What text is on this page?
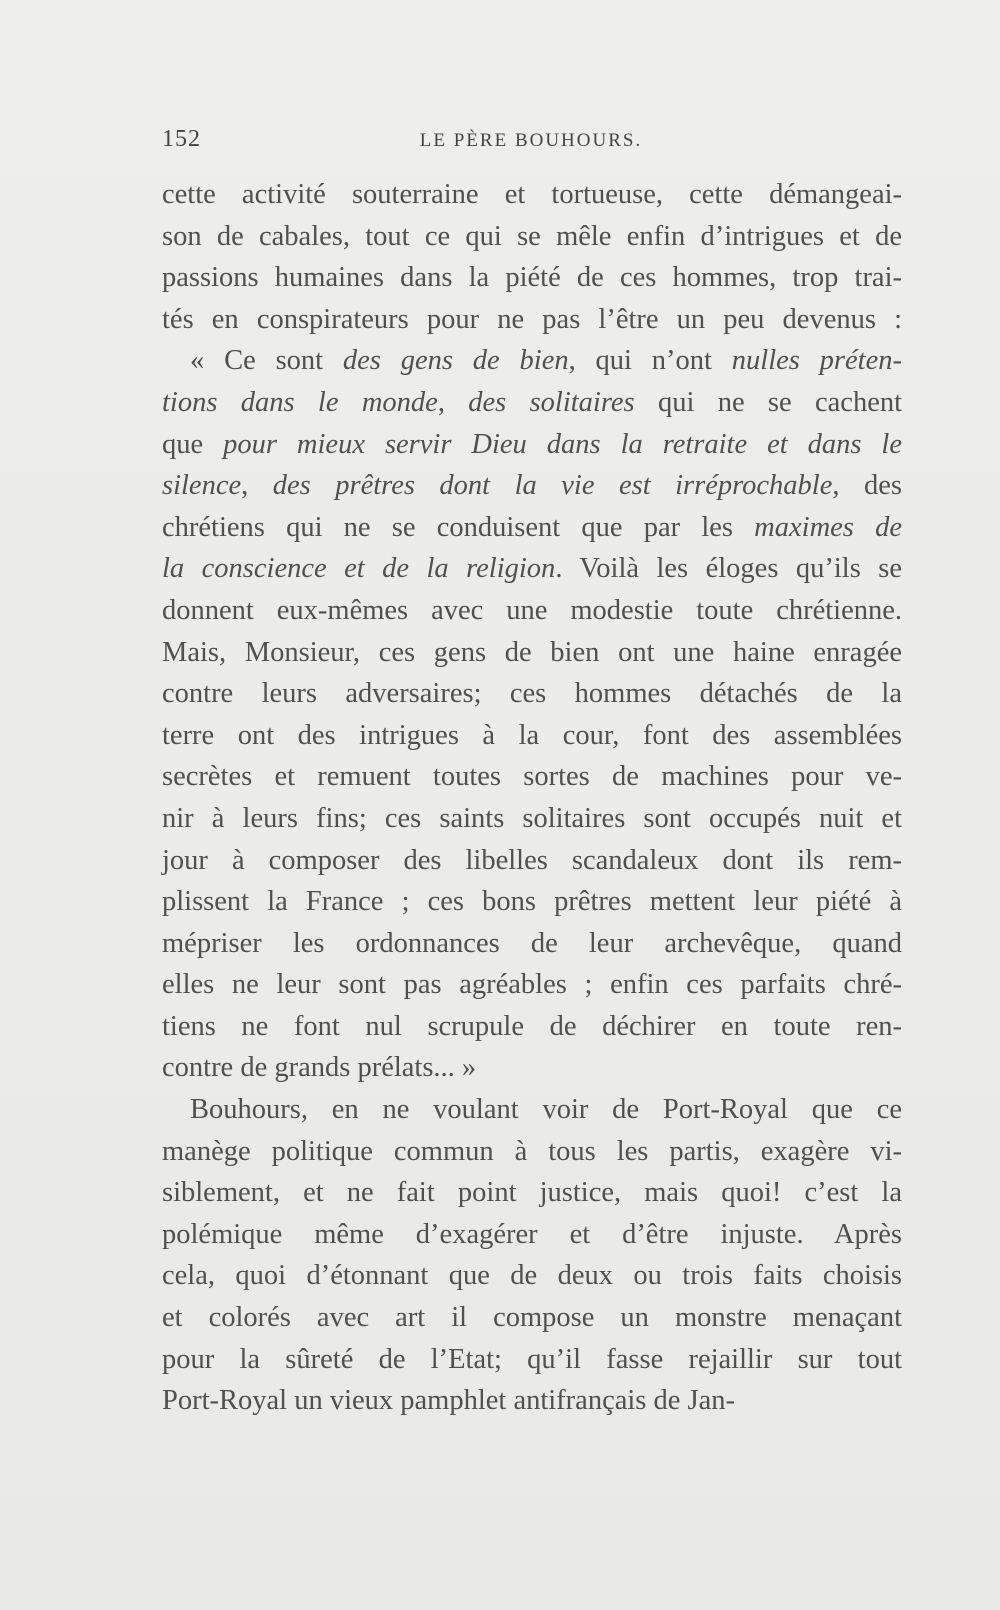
152	LE PÈRE BOUHOURS.
cette activité souterraine et tortueuse, cette démangeai-
son de cabales, tout ce qui se mêle enfin d’intrigues et de
passions humaines dans la piété de ces hommes, trop trai-
tés en conspirateurs pour ne pas l’être un peu devenus :
« Ce sont des gens de bien, qui n’ont nulles préten-
tions dans le monde, des solitaires qui ne se cachent
que pour mieux servir Dieu dans la retraite et dans le
silence, des prêtres dont la vie est irréprochable, des
chrétiens qui ne se conduisent que par les maximes de
la conscience et de la religion. Voilà les éloges qu’ils se
donnent eux-mêmes avec une modestie toute chrétienne.
Mais, Monsieur, ces gens de bien ont une haine enragée
contre leurs adversaires; ces hommes détachés de la
terre ont des intrigues à la cour, font des assemblées
secrètes et remuent toutes sortes de machines pour ve-
nir à leurs fins; ces saints solitaires sont occupés nuit et
jour à composer des libelles scandaleux dont ils rem-
plissent la France ; ces bons prêtres mettent leur piété à
mépriser les ordonnances de leur archevêque, quand
elles ne leur sont pas agréables ; enfin ces parfaits chré-
tiens ne font nul scrupule de déchirer en toute ren-
contre de grands prélats... »
Bouhours, en ne voulant voir de Port-Royal que ce
manège politique commun à tous les partis, exagère vi-
siblement, et ne fait point justice, mais quoi! c’est la
polémique même d’exagérer et d’être injuste. Après
cela, quoi d’étonnant que de deux ou trois faits choisis
et colorés avec art il compose un monstre menaçant
pour la sûreté de l’Etat; qu’il fasse rejaillir sur tout
Port-Royal un vieux pamphlet antifrançais de Jan-
